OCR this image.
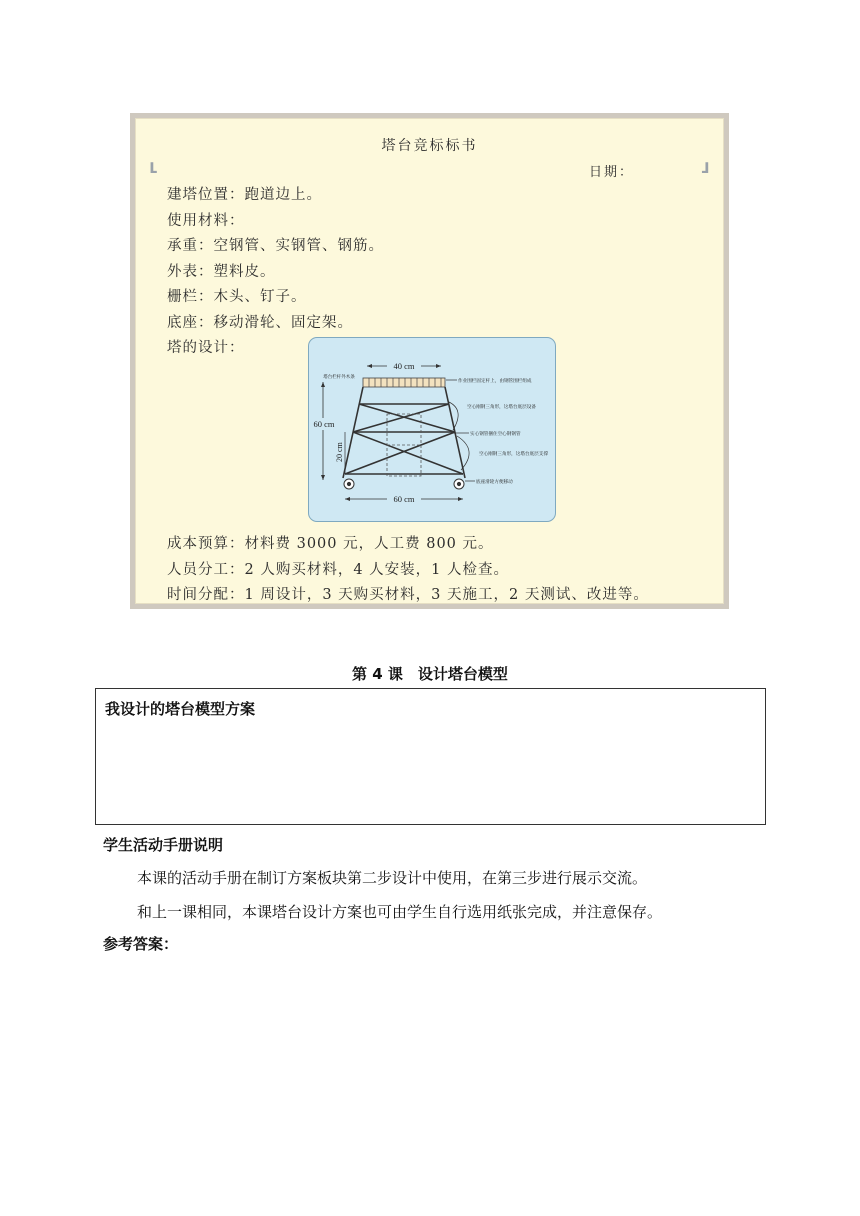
⸤	⸤
塔台竞标标书
日期：
建塔位置：跑道边上。
使用材料：
承重：空钢管、实钢管、钢筋。
外表：塑料皮。
栅栏：木头、钉子。
底座：移动滑轮、固定架。
塔的设计：
40 cm
60 cm
60 cm
20 cm
塔台栏杆外木条
作业围栏固定杆上，由钢管围栏组成
空心刚钢三角形，这塔台底层设备
实心钢管捆住空心钢钢管
空心刚钢三角形，这塔台底层支撑
底座滑轮方便移动
成本预算：材料费 3000 元，人工费 800 元。
人员分工：2 人购买材料，4 人安装，1 人检查。
时间分配：1 周设计，3 天购买材料，3 天施工，2 天测试、改进等。
第 4 课　设计塔台模型
我设计的塔台模型方案
学生活动手册说明
本课的活动手册在制订方案板块第二步设计中使用，在第三步进行展示交流。
和上一课相同，本课塔台设计方案也可由学生自行选用纸张完成，并注意保存。
参考答案：
